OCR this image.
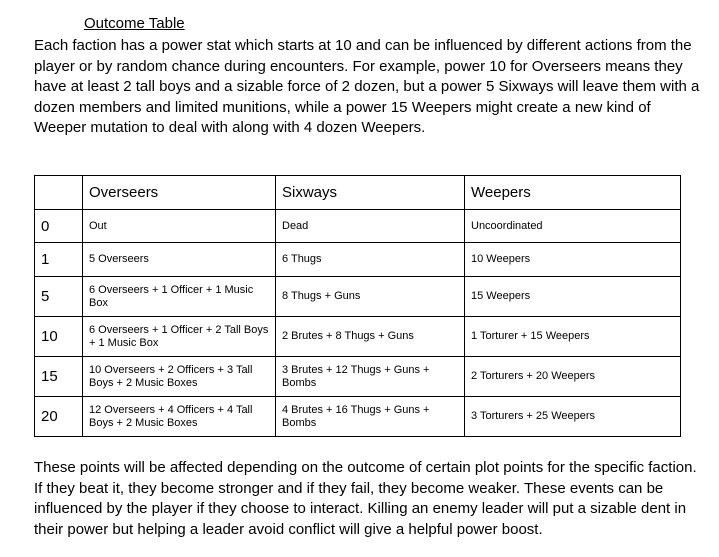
Outcome Table

Each faction has a power stat which starts at 10 and can be influenced by different actions from the player or by random chance during encounters. For example, power 10 for Overseers means they have at least 2 tall boys and a sizable force of 2 dozen, but a power 5 Sixways will leave them with a dozen members and limited munitions, while a power 15 Weepers might create a new kind of Weeper mutation to deal with along with 4 dozen Weepers.

	Overseers	Sixways	Weepers
0	Out	Dead	Uncoordinated
1	5 Overseers	6 Thugs	10 Weepers
5	6 Overseers + 1 Officer + 1 Music Box	8 Thugs + Guns	15 Weepers
10	6 Overseers + 1 Officer + 2 Tall Boys + 1 Music Box	2 Brutes + 8 Thugs + Guns	1 Torturer + 15 Weepers
15	10 Overseers + 2 Officers + 3 Tall Boys + 2 Music Boxes	3 Brutes + 12 Thugs + Guns + Bombs	2 Torturers + 20 Weepers
20	12 Overseers + 4 Officers + 4 Tall Boys + 2 Music Boxes	4 Brutes + 16 Thugs + Guns + Bombs	3 Torturers + 25 Weepers

These points will be affected depending on the outcome of certain plot points for the specific faction. If they beat it, they become stronger and if they fail, they become weaker. These events can be influenced by the player if they choose to interact. Killing an enemy leader will put a sizable dent in their power but helping a leader avoid conflict will give a helpful power boost.
